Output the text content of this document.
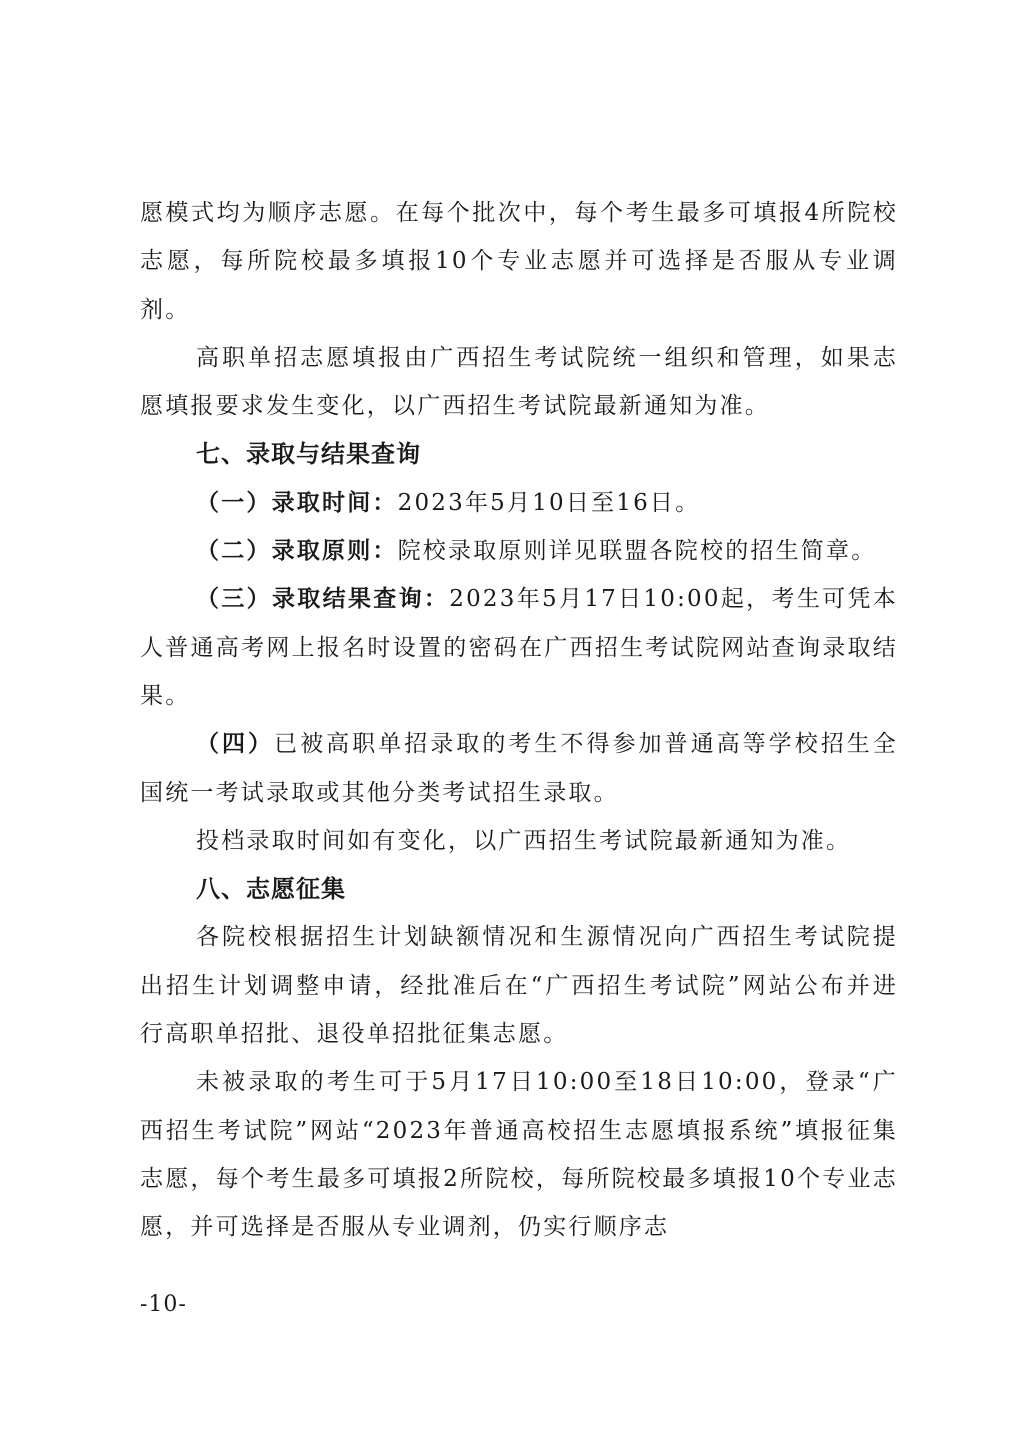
愿模式均为顺序志愿。在每个批次中，每个考生最多可填报4所院校志愿，每所院校最多填报10个专业志愿并可选择是否服从专业调剂。

高职单招志愿填报由广西招生考试院统一组织和管理，如果志愿填报要求发生变化，以广西招生考试院最新通知为准。

七、录取与结果查询

（一）录取时间：2023年5月10日至16日。

（二）录取原则：院校录取原则详见联盟各院校的招生简章。

（三）录取结果查询：2023年5月17日10:00起，考生可凭本人普通高考网上报名时设置的密码在广西招生考试院网站查询录取结果。

（四）已被高职单招录取的考生不得参加普通高等学校招生全国统一考试录取或其他分类考试招生录取。

投档录取时间如有变化，以广西招生考试院最新通知为准。

八、志愿征集

各院校根据招生计划缺额情况和生源情况向广西招生考试院提出招生计划调整申请，经批准后在“广西招生考试院”网站公布并进行高职单招批、退役单招批征集志愿。

未被录取的考生可于5月17日10:00至18日10:00，登录“广西招生考试院”网站“2023年普通高校招生志愿填报系统”填报征集志愿，每个考生最多可填报2所院校，每所院校最多填报10个专业志愿，并可选择是否服从专业调剂，仍实行顺序志

-10-
